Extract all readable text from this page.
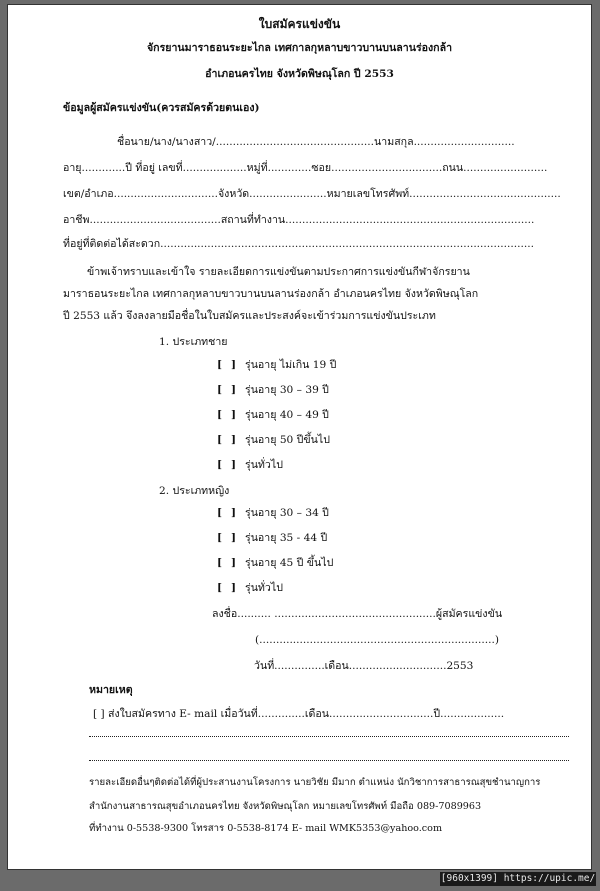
ใบสมัครแข่งขัน
จักรยานมาราธอนระยะไกล เทศกาลกุหลาบขาวบานบนลานร่องกล้า
อำเภอนครไทย จังหวัดพิษณุโลก ปี 2553
ข้อมูลผู้สมัครแข่งขัน(ควรสมัครด้วยตนเอง)
ชื่อนาย/นาง/นางสาว/...............................................นามสกุล..............................
อายุ.............ปี ที่อยู่ เลขที่...................หมู่ที่.............ซอย.................................ถนน.........................
เขต/อำเภอ...............................จังหวัด.......................หมายเลขโทรศัพท์.............................................
อาชีพ.......................................สถานที่ทำงาน..........................................................................
ที่อยู่ที่ติดต่อได้สะดวก...............................................................................................................
ข้าพเจ้าทราบและเข้าใจ รายละเอียดการแข่งขันตามประกาศการแข่งขันกีฬาจักรยาน
มาราธอนระยะไกล เทศกาลกุหลาบขาวบานบนลานร่องกล้า อำเภอนครไทย จังหวัดพิษณุโลก
ปี 2553 แล้ว จึงลงลายมือชื่อในใบสมัครและประสงค์จะเข้าร่วมการแข่งขันประเภท
1. ประเภทชาย
[ ] รุ่นอายุ ไม่เกิน 19 ปี
[ ] รุ่นอายุ 30 – 39 ปี
[ ] รุ่นอายุ 40 – 49 ปี
[ ] รุ่นอายุ 50 ปีขึ้นไป
[ ] รุ่นทั่วไป
2. ประเภทหญิง
[ ] รุ่นอายุ 30 – 34 ปี
[ ] รุ่นอายุ 35 - 44 ปี
[ ] รุ่นอายุ 45 ปี ขึ้นไป
[ ] รุ่นทั่วไป
ลงชื่อ.......... ................................................ผู้สมัครแข่งขัน
(......................................................................)
วันที่...............เดือน.............................2553
หมายเหตุ
[ ] ส่งใบสมัครทาง E- mail เมื่อวันที่..............เดือน...............................ปี...................
รายละเอียดอื่นๆติดต่อได้ที่ผู้ประสานงานโครงการ นายวิชัย มีมาก ตำแหน่ง นักวิชาการสาธารณสุขชำนาญการ
สำนักงานสาธารณสุขอำเภอนครไทย จังหวัดพิษณุโลก หมายเลขโทรศัพท์ มือถือ 089-7089963
ที่ทำงาน 0-5538-9300 โทรสาร 0-5538-8174 E- mail WMK5353@yahoo.com
[960x1399] https://upic.me/
